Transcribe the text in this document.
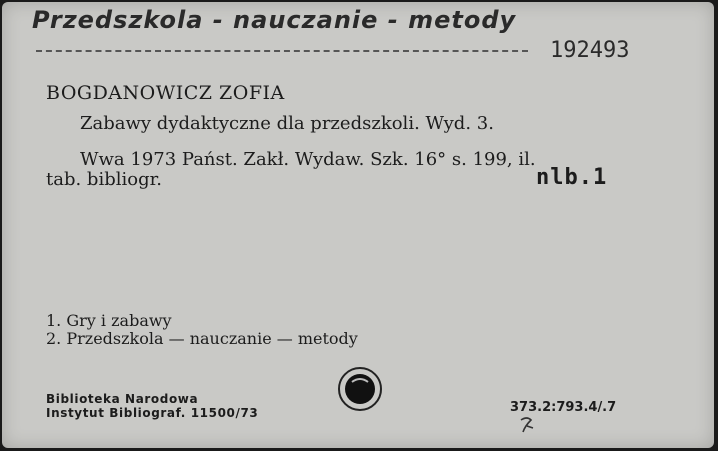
Przedszkola - nauczanie - metody
192493
BOGDANOWICZ ZOFIA
Zabawy dydaktyczne dla przedszkoli. Wyd. 3.
Wwa 1973 Państ. Zakł. Wydaw. Szk. 16° s. 199, il.
tab. bibliogr.	nlb.1
1. Gry i zabawy
2. Przedszkola — nauczanie — metody
Biblioteka Narodowa
Instytut Bibliograf. 11500/73	373.2:793.4/.7
